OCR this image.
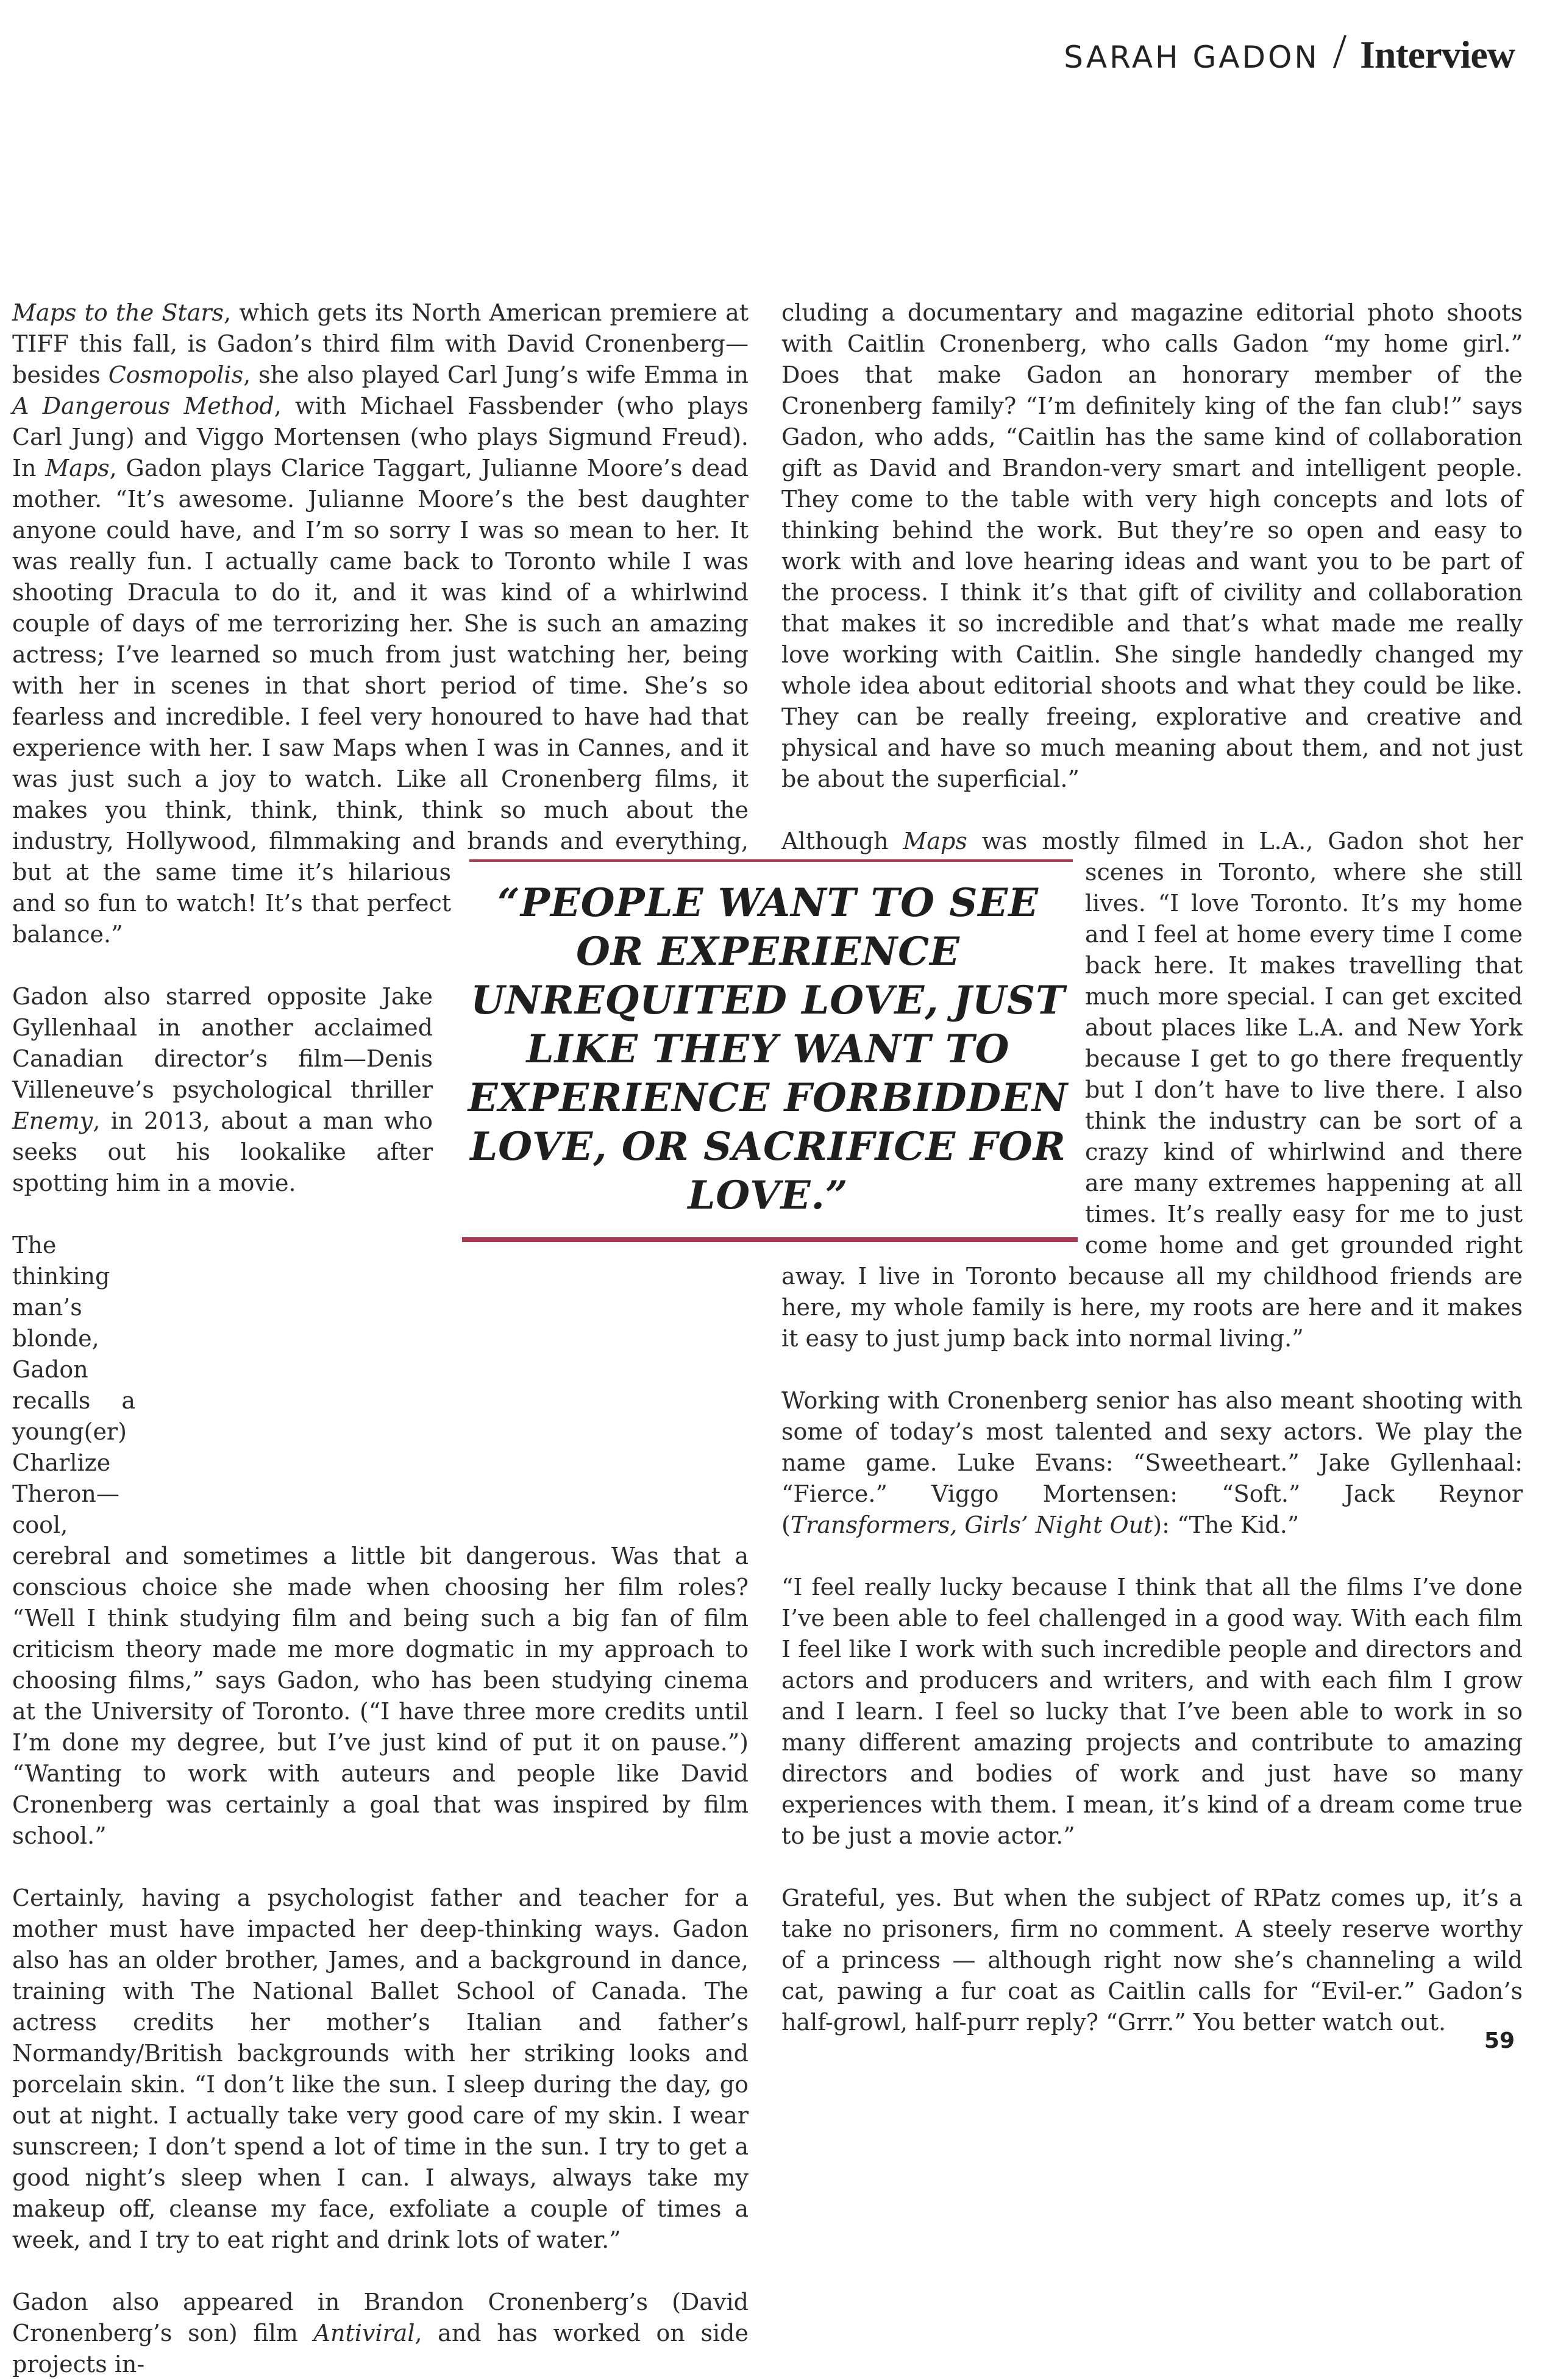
SARAH GADON / Interview

Maps to the Stars, which gets its North American premiere at TIFF this fall, is Gadon’s third film with David Cronenberg—besides Cosmopolis, she also played Carl Jung’s wife Emma in A Dangerous Method, with Michael Fassbender (who plays Carl Jung) and Viggo Mortensen (who plays Sigmund Freud). In Maps, Gadon plays Clarice Taggart, Julianne Moore’s dead mother. “It’s awesome. Julianne Moore’s the best daughter anyone could have, and I’m so sorry I was so mean to her. It was really fun. I actually came back to Toronto while I was shooting Dracula to do it, and it was kind of a whirlwind couple of days of me terrorizing her. She is such an amazing actress; I’ve learned so much from just watching her, being with her in scenes in that short period of time. She’s so fearless and incredible. I feel very honoured to have had that experience with her. I saw Maps when I was in Cannes, and it was just such a joy to watch. Like all Cronenberg films, it makes you think, think, think, think so much about the industry, Hollywood, filmmaking and brands and everything, but at the same time it’s hilarious and so fun to watch! It’s that perfect balance.”

Gadon also starred opposite Jake Gyllenhaal in another acclaimed Canadian director’s film—Denis Villeneuve’s psychological thriller Enemy, in 2013, about a man who seeks out his lookalike after spotting him in a movie.

The thinking man’s blonde, Gadon recalls a young(er) Charlize Theron—cool, cerebral and sometimes a little bit dangerous. Was that a conscious choice she made when choosing her film roles? “Well I think studying film and being such a big fan of film criticism theory made me more dogmatic in my approach to choosing films,” says Gadon, who has been studying cinema at the University of Toronto. (“I have three more credits until I’m done my degree, but I’ve just kind of put it on pause.”) “Wanting to work with auteurs and people like David Cronenberg was certainly a goal that was inspired by film school.”

Certainly, having a psychologist father and teacher for a mother must have impacted her deep-thinking ways. Gadon also has an older brother, James, and a background in dance, training with The National Ballet School of Canada. The actress credits her mother’s Italian and father’s Normandy/British backgrounds with her striking looks and porcelain skin. “I don’t like the sun. I sleep during the day, go out at night. I actually take very good care of my skin. I wear sunscreen; I don’t spend a lot of time in the sun. I try to get a good night’s sleep when I can. I always, always take my makeup off, cleanse my face, exfoliate a couple of times a week, and I try to eat right and drink lots of water.”

Gadon also appeared in Brandon Cronenberg’s (David Cronenberg’s son) film Antiviral, and has worked on side projects in-

cluding a documentary and magazine editorial photo shoots with Caitlin Cronenberg, who calls Gadon “my home girl.” Does that make Gadon an honorary member of the Cronenberg family? “I’m definitely king of the fan club!” says Gadon, who adds, “Caitlin has the same kind of collaboration gift as David and Brandon-very smart and intelligent people. They come to the table with very high concepts and lots of thinking behind the work. But they’re so open and easy to work with and love hearing ideas and want you to be part of the process. I think it’s that gift of civility and collaboration that makes it so incredible and that’s what made me really love working with Caitlin. She single handedly changed my whole idea about editorial shoots and what they could be like. They can be really freeing, explorative and creative and physical and have so much meaning about them, and not just be about the superficial.”

Although Maps was mostly filmed in L.A., Gadon shot her scenes in Toronto, where she still lives. “I love Toronto. It’s my home and I feel at home every time I come back here. It makes travelling that much more special. I can get excited about places like L.A. and New York because I get to go there frequently but I don’t have to live there. I also think the industry can be sort of a crazy kind of whirlwind and there are many extremes happening at all times. It’s really easy for me to just come home and get grounded right away. I live in Toronto because all my childhood friends are here, my whole family is here, my roots are here and it makes it easy to just jump back into normal living.”

Working with Cronenberg senior has also meant shooting with some of today’s most talented and sexy actors. We play the name game. Luke Evans: “Sweetheart.” Jake Gyllenhaal: “Fierce.” Viggo Mortensen: “Soft.” Jack Reynor (Transformers, Girls’ Night Out): “The Kid.”

“I feel really lucky because I think that all the films I’ve done I’ve been able to feel challenged in a good way. With each film I feel like I work with such incredible people and directors and actors and producers and writers, and with each film I grow and I learn. I feel so lucky that I’ve been able to work in so many different amazing projects and contribute to amazing directors and bodies of work and just have so many experiences with them. I mean, it’s kind of a dream come true to be just a movie actor.”

Grateful, yes. But when the subject of RPatz comes up, it’s a take no prisoners, firm no comment. A steely reserve worthy of a princess — although right now she’s channeling a wild cat, pawing a fur coat as Caitlin calls for “Evil-er.” Gadon’s half-growl, half-purr reply? “Grrr.” You better watch out.

“PEOPLE WANT TO SEE OR EXPERIENCE UNREQUITED LOVE, JUST LIKE THEY WANT TO EXPERIENCE FORBIDDEN LOVE, OR SACRIFICE FOR LOVE.”
59
